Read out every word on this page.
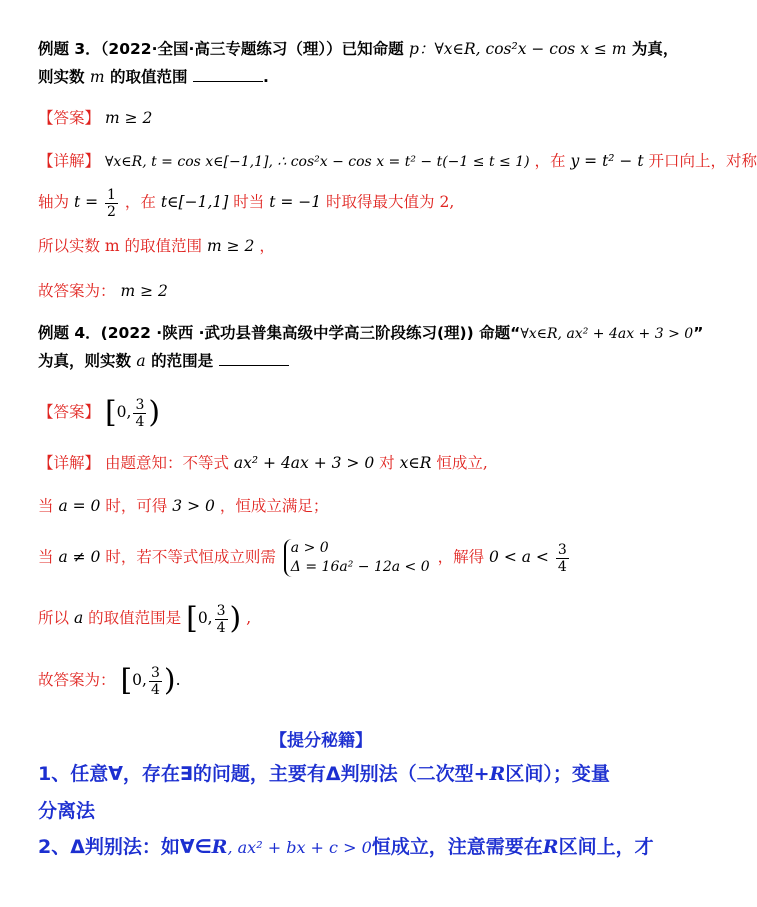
例题 3．（2022·全国·高三专题练习（理））已知命题 p：∀x∈R, cos²x − cos x ≤ m 为真，
则实数 m 的取值范围	.
【答案】 m ≥ 2
【详解】 ∀x∈R, t = cos x∈[−1,1], ∴ cos²x − cos x = t² − t(−1 ≤ t ≤ 1) ，在 y = t² − t 开口向上，对称
轴为 $t = \frac{1}{2}$ ，在 t∈[−1,1] 时当 t = −1 时取得最大值为 2,
所以实数 m 的取值范围 m ≥ 2 ，
故答案为： m ≥ 2
例题 4．(2022 ·陕西 ·武功县普集高级中学高三阶段练习(理)) 命题“∀x∈R, ax² + 4ax + 3 > 0”
为真，则实数 a 的范围是
【答案】 [0, $\frac{3}{4}$ )
【详解】 由题意知：不等式 ax² + 4ax + 3 > 0 对 x∈R 恒成立,
当 a = 0 时，可得 3 > 0 ，恒成立满足；
当 a ≠ 0 时，若不等式恒成立则需 a > 0
Δ = 16a² − 12a < 0
，解得 $0 < a < \frac{3}{4}$
所以 a 的取值范围是 [0, $\frac{3}{4}$ ) ,
故答案为： [0, $\frac{3}{4}$ ).
【提分秘籍】
1、任意∀，存在∃的问题，主要有Δ判别法（二次型+R区间）；变量
分离法
2、Δ判别法：如∀∈R, ax² + bx + c > 0恒成立，注意需要在R区间上，才
